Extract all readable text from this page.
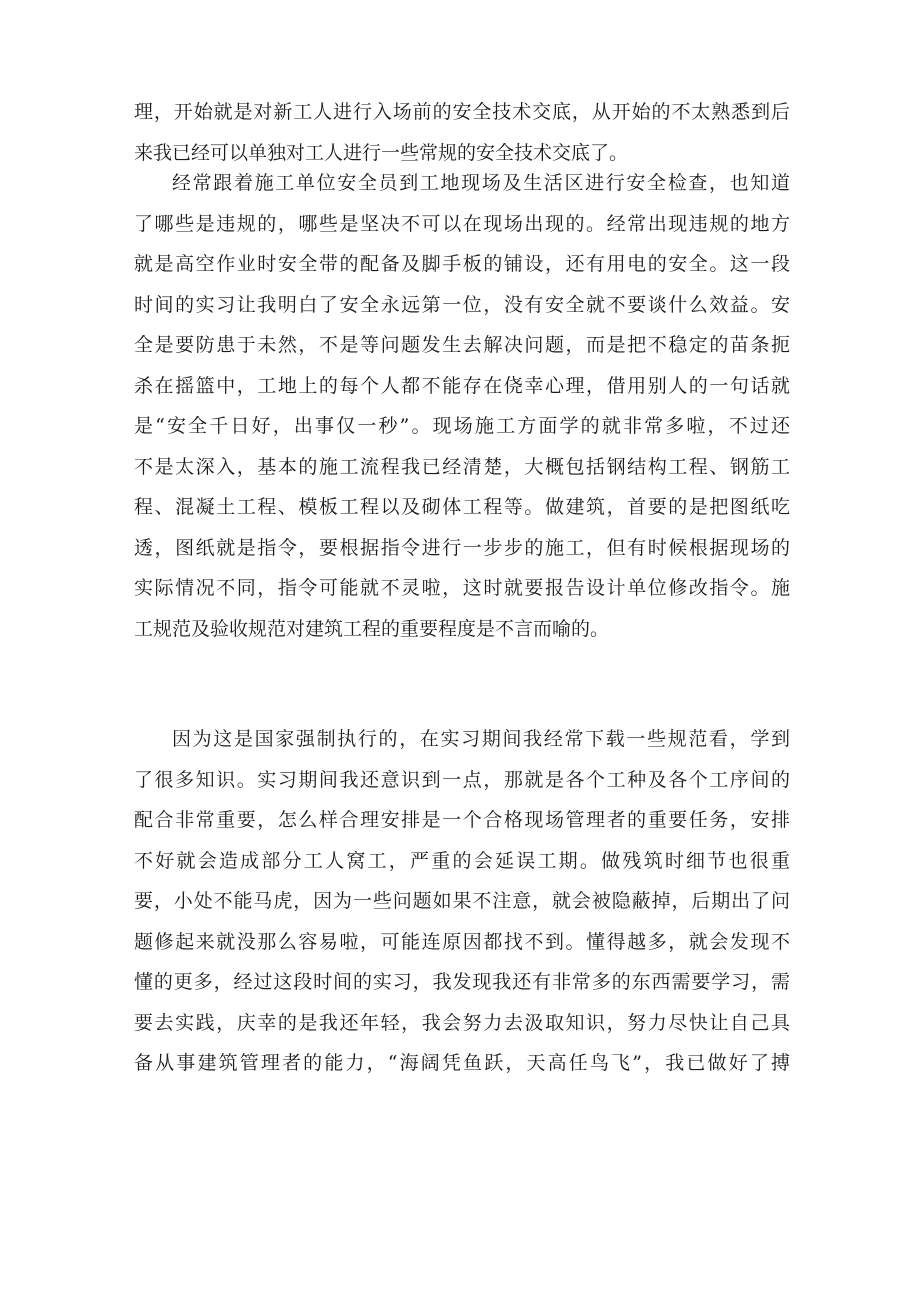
理，开始就是对新工人进行入场前的安全技术交底，从开始的不太熟悉到后
来我已经可以单独对工人进行一些常规的安全技术交底了。
经常跟着施工单位安全员到工地现场及生活区进行安全检查，也知道
了哪些是违规的，哪些是坚决不可以在现场出现的。经常出现违规的地方
就是高空作业时安全带的配备及脚手板的铺设，还有用电的安全。这一段
时间的实习让我明白了安全永远第一位，没有安全就不要谈什么效益。安
全是要防患于未然，不是等问题发生去解决问题，而是把不稳定的苗条扼
杀在摇篮中，工地上的每个人都不能存在侥幸心理，借用别人的一句话就
是“安全千日好，出事仅一秒”。现场施工方面学的就非常多啦，不过还
不是太深入，基本的施工流程我已经清楚，大概包括钢结构工程、钢筋工
程、混凝土工程、模板工程以及砌体工程等。做建筑，首要的是把图纸吃
透，图纸就是指令，要根据指令进行一步步的施工，但有时候根据现场的
实际情况不同，指令可能就不灵啦，这时就要报告设计单位修改指令。施
工规范及验收规范对建筑工程的重要程度是不言而喻的。
因为这是国家强制执行的，在实习期间我经常下载一些规范看，学到
了很多知识。实习期间我还意识到一点，那就是各个工种及各个工序间的
配合非常重要，怎么样合理安排是一个合格现场管理者的重要任务，安排
不好就会造成部分工人窝工，严重的会延误工期。做残筑时细节也很重
要，小处不能马虎，因为一些问题如果不注意，就会被隐蔽掉，后期出了问
题修起来就没那么容易啦，可能连原因都找不到。懂得越多，就会发现不
懂的更多，经过这段时间的实习，我发现我还有非常多的东西需要学习，需
要去实践，庆幸的是我还年轻，我会努力去汲取知识，努力尽快让自己具
备从事建筑管理者的能力，“海阔凭鱼跃，天高任鸟飞”，我已做好了搏
